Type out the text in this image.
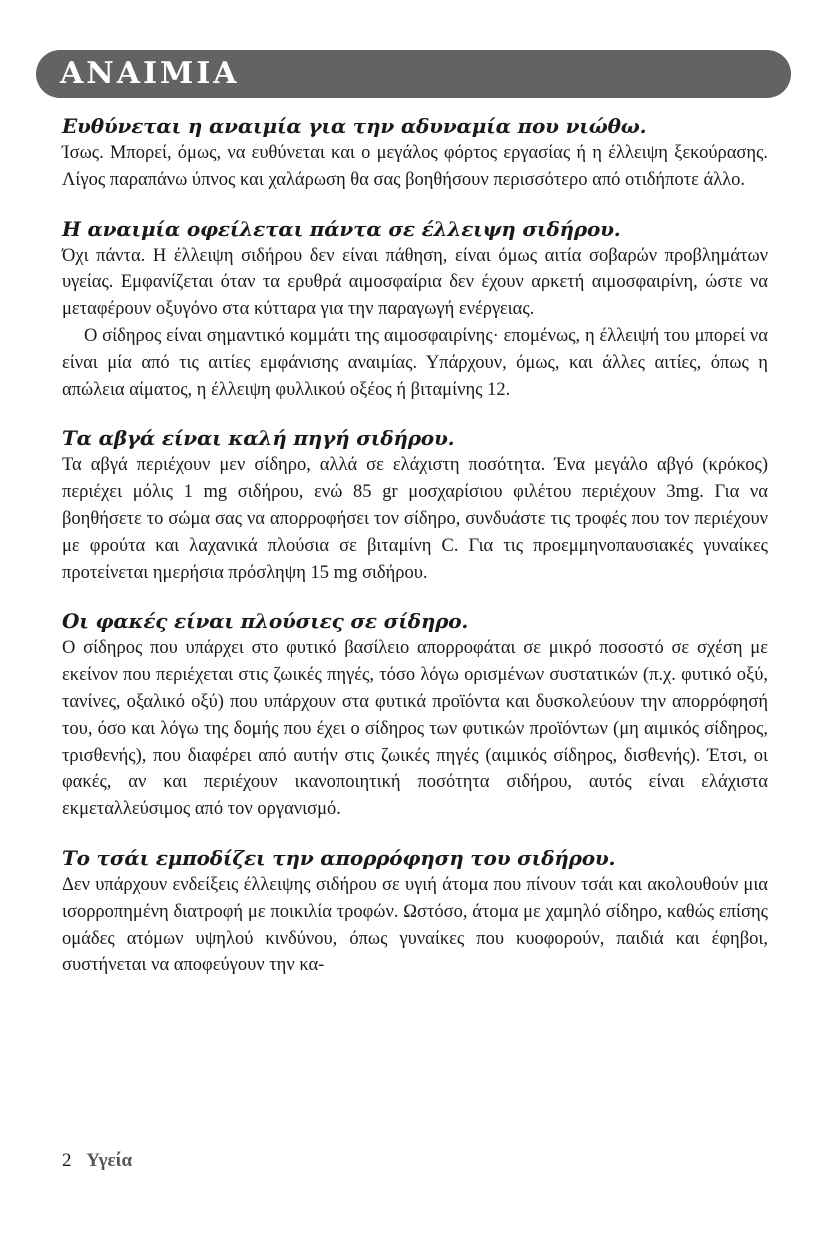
ΑΝΑΙΜΙΑ

Ευθύνεται η αναιμία για την αδυναμία που νιώθω.

Ίσως. Μπορεί, όμως, να ευθύνεται και ο μεγάλος φόρτος εργασίας ή η έλλειψη ξεκούρασης. Λίγος παραπάνω ύπνος και χαλάρωση θα σας βοηθήσουν περισσότερο από οτιδήποτε άλλο.

Η αναιμία οφείλεται πάντα σε έλλειψη σιδήρου.

Όχι πάντα. Η έλλειψη σιδήρου δεν είναι πάθηση, είναι όμως αιτία σοβαρών προβλημάτων υγείας. Εμφανίζεται όταν τα ερυθρά αιμοσφαίρια δεν έχουν αρκετή αιμοσφαιρίνη, ώστε να μεταφέρουν οξυγόνο στα κύτταρα για την παραγωγή ενέργειας.

Ο σίδηρος είναι σημαντικό κομμάτι της αιμοσφαιρίνης· επομένως, η έλλειψή του μπορεί να είναι μία από τις αιτίες εμφάνισης αναιμίας. Υπάρχουν, όμως, και άλλες αιτίες, όπως η απώλεια αίματος, η έλλειψη φυλλικού οξέος ή βιταμίνης 12.

Τα αβγά είναι καλή πηγή σιδήρου.

Τα αβγά περιέχουν μεν σίδηρο, αλλά σε ελάχιστη ποσότητα. Ένα μεγάλο αβγό (κρόκος) περιέχει μόλις 1 mg σιδήρου, ενώ 85 gr μοσχαρίσιου φιλέτου περιέχουν 3mg. Για να βοηθήσετε το σώμα σας να απορροφήσει τον σίδηρο, συνδυάστε τις τροφές που τον περιέχουν με φρούτα και λαχανικά πλούσια σε βιταμίνη C. Για τις προεμμηνοπαυσιακές γυναίκες προτείνεται ημερήσια πρόσληψη 15 mg σιδήρου.

Οι φακές είναι πλούσιες σε σίδηρο.

Ο σίδηρος που υπάρχει στο φυτικό βασίλειο απορροφάται σε μικρό ποσοστό σε σχέση με εκείνον που περιέχεται στις ζωικές πηγές, τόσο λόγω ορισμένων συστατικών (π.χ. φυτικό οξύ, τανίνες, οξαλικό οξύ) που υπάρχουν στα φυτικά προϊόντα και δυσκολεύουν την απορρόφησή του, όσο και λόγω της δομής που έχει ο σίδηρος των φυτικών προϊόντων (μη αιμικός σίδηρος, τρισθενής), που διαφέρει από αυτήν στις ζωικές πηγές (αιμικός σίδηρος, δισθενής). Έτσι, οι φακές, αν και περιέχουν ικανοποιητική ποσότητα σιδήρου, αυτός είναι ελάχιστα εκμεταλλεύσιμος από τον οργανισμό.

Το τσάι εμποδίζει την απορρόφηση του σιδήρου.

Δεν υπάρχουν ενδείξεις έλλειψης σιδήρου σε υγιή άτομα που πίνουν τσάι και ακολουθούν μια ισορροπημένη διατροφή με ποικιλία τροφών. Ωστόσο, άτομα με χαμηλό σίδηρο, καθώς επίσης ομάδες ατόμων υψηλού κινδύνου, όπως γυναίκες που κυοφορούν, παιδιά και έφηβοι, συστήνεται να αποφεύγουν την κα-

2 Υγεία
